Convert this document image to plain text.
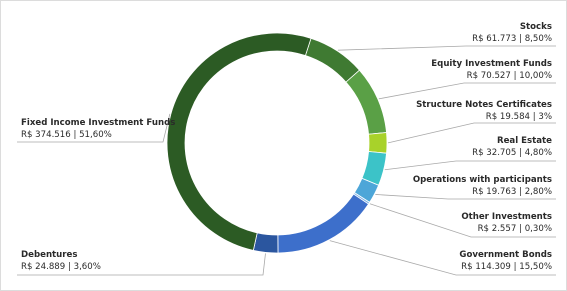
Stocks
R$ 61.773 | 8,50%
Equity Investment Funds
R$ 70.527 | 10,00%
Structure Notes Certificates
R$ 19.584 | 3%
Real Estate
R$ 32.705 | 4,80%
Operations with participants
R$ 19.763 | 2,80%
Other Investments
R$ 2.557 | 0,30%
Government Bonds
R$ 114.309 | 15,50%
Debentures
R$ 24.889 | 3,60%
Fixed Income Investment Funds
R$ 374.516 | 51,60%
